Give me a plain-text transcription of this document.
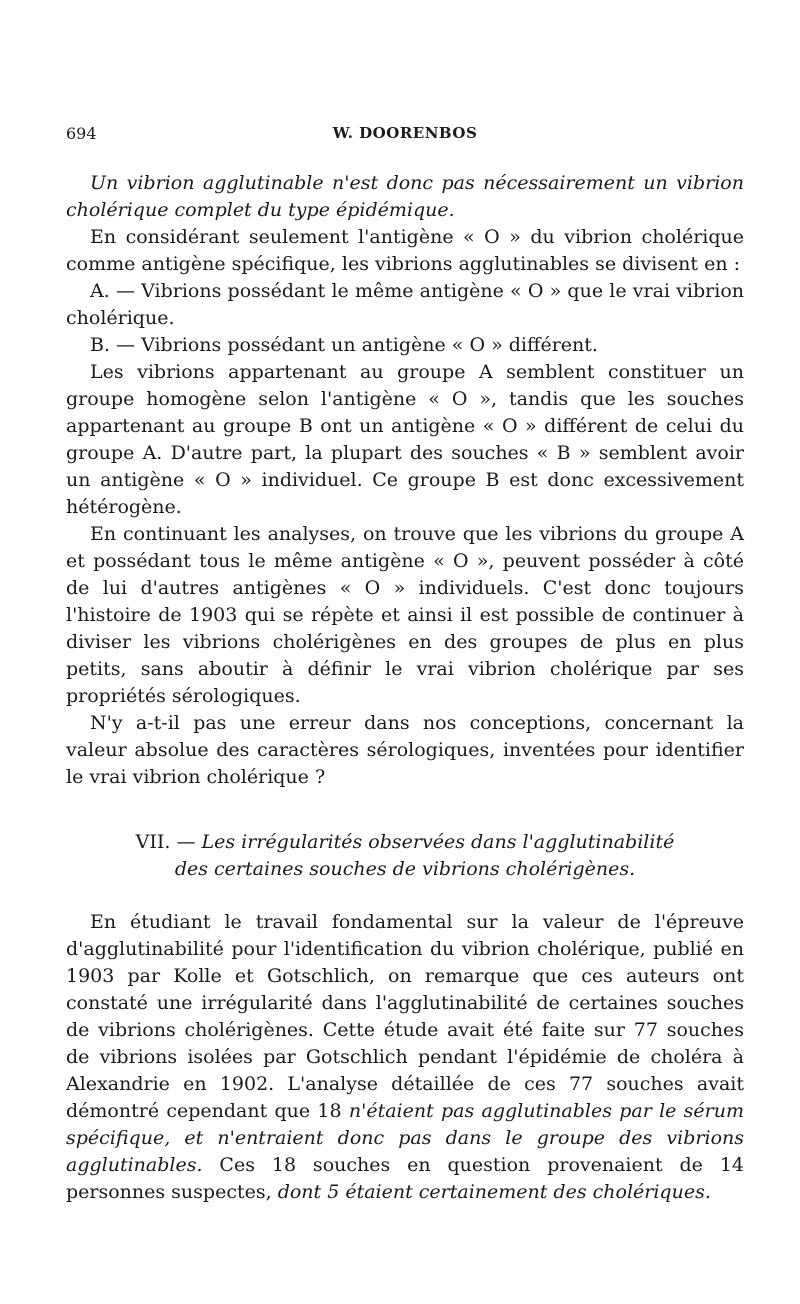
694	W. DOORENBOS

Un vibrion agglutinable n'est donc pas nécessairement un vibrion cholérique complet du type épidémique.

En considérant seulement l'antigène « O » du vibrion cholérique comme antigène spécifique, les vibrions agglutinables se divisent en :

A. — Vibrions possédant le même antigène « O » que le vrai vibrion cholérique.

B. — Vibrions possédant un antigène « O » différent.

Les vibrions appartenant au groupe A semblent constituer un groupe homogène selon l'antigène « O », tandis que les souches appartenant au groupe B ont un antigène « O » différent de celui du groupe A. D'autre part, la plupart des souches « B » semblent avoir un antigène « O » individuel. Ce groupe B est donc excessivement hétérogène.

En continuant les analyses, on trouve que les vibrions du groupe A et possédant tous le même antigène « O », peuvent posséder à côté de lui d'autres antigènes « O » individuels. C'est donc toujours l'histoire de 1903 qui se répète et ainsi il est possible de continuer à diviser les vibrions cholérigènes en des groupes de plus en plus petits, sans aboutir à définir le vrai vibrion cholérique par ses propriétés sérologiques.

N'y a-t-il pas une erreur dans nos conceptions, concernant la valeur absolue des caractères sérologiques, inventées pour identifier le vrai vibrion cholérique ?

VII. — Les irrégularités observées dans l'agglutinabilité
des certaines souches de vibrions cholérigènes.

En étudiant le travail fondamental sur la valeur de l'épreuve d'agglutinabilité pour l'identification du vibrion cholérique, publié en 1903 par Kolle et Gotschlich, on remarque que ces auteurs ont constaté une irrégularité dans l'agglutinabilité de certaines souches de vibrions cholérigènes. Cette étude avait été faite sur 77 souches de vibrions isolées par Gotschlich pendant l'épidémie de choléra à Alexandrie en 1902. L'analyse détaillée de ces 77 souches avait démontré cependant que 18 n'étaient pas agglutinables par le sérum spécifique, et n'entraient donc pas dans le groupe des vibrions agglutinables. Ces 18 souches en question provenaient de 14 personnes suspectes, dont 5 étaient certainement des cholériques.
